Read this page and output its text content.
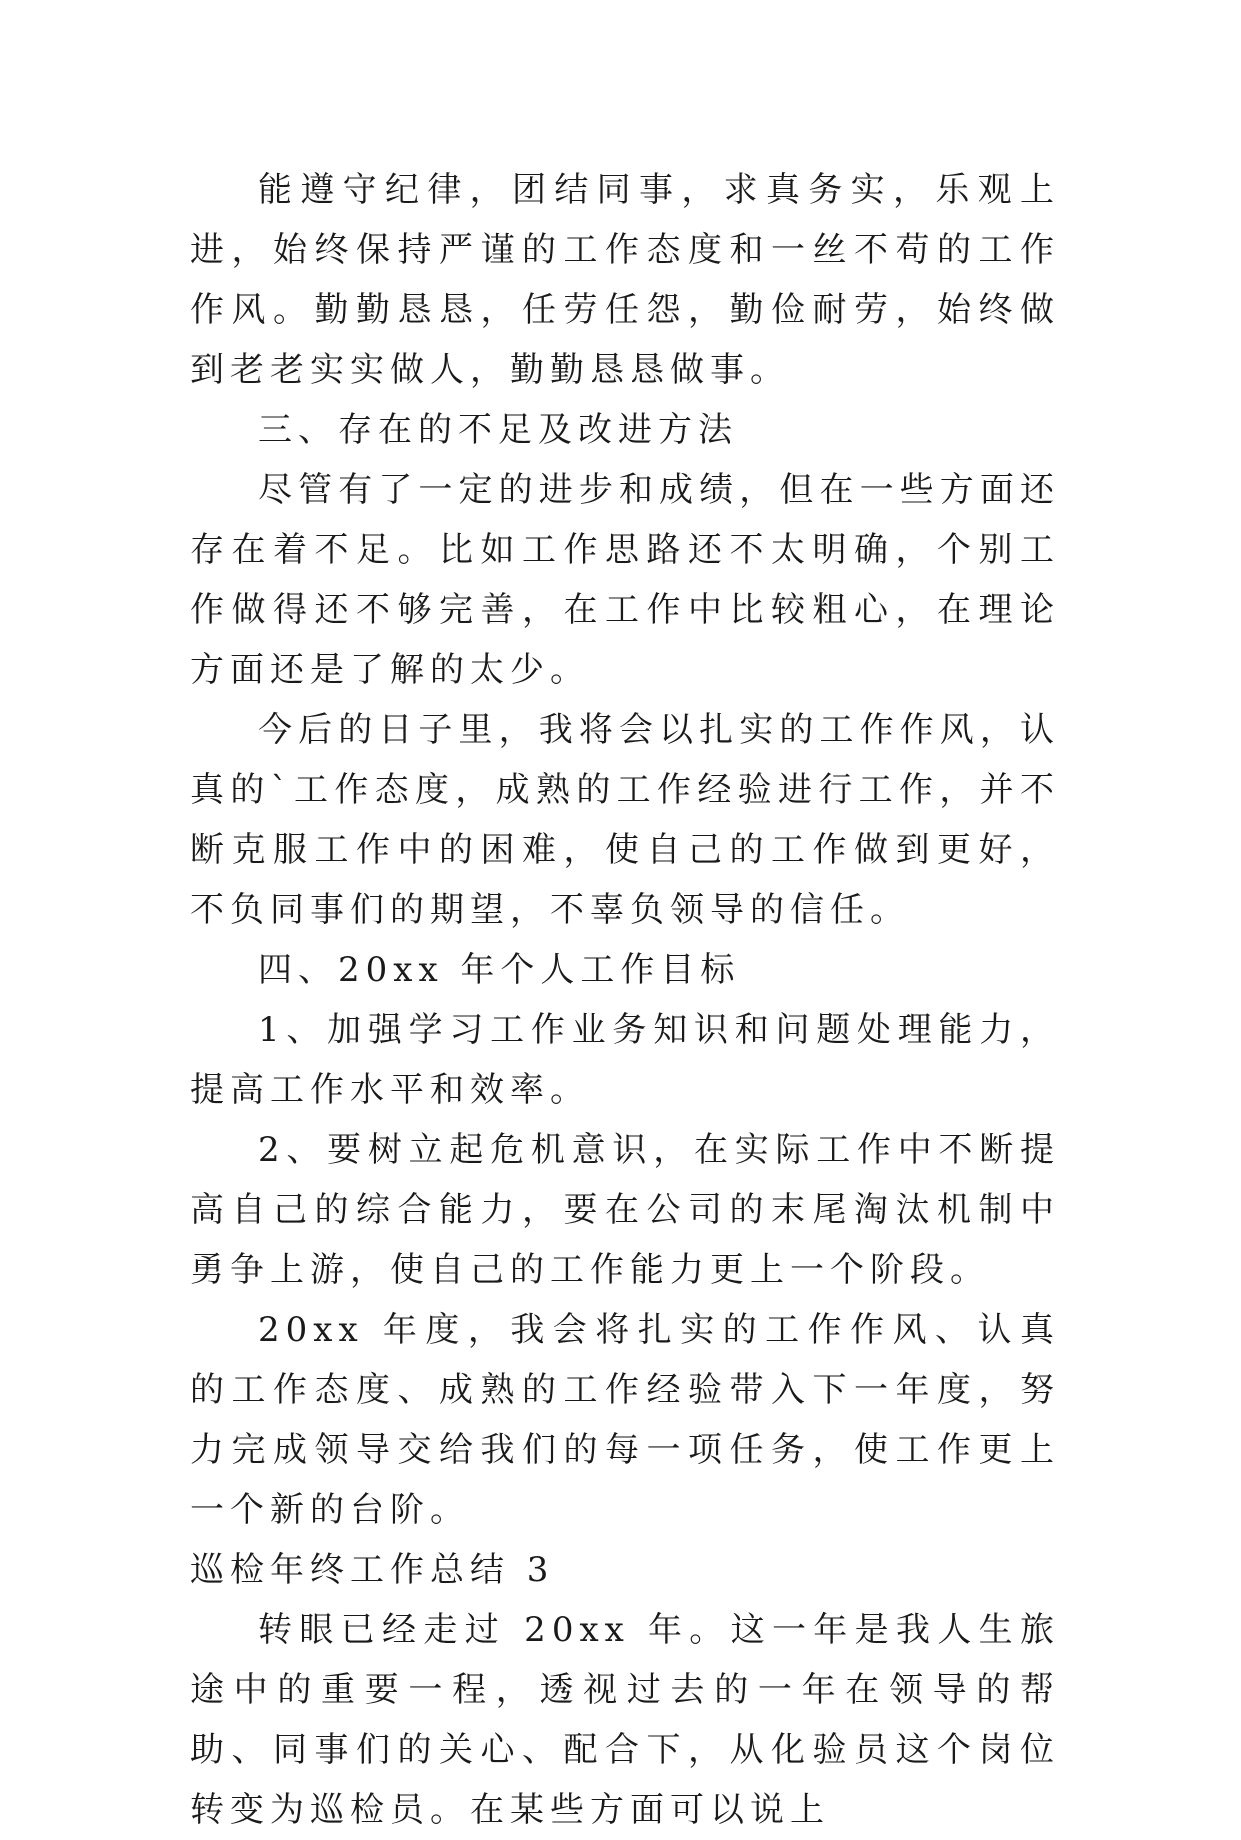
能遵守纪律，团结同事，求真务实，乐观上进，始终保持严谨的工作态度和一丝不苟的工作作风。勤勤恳恳，任劳任怨，勤俭耐劳，始终做到老老实实做人，勤勤恳恳做事。

三、存在的不足及改进方法

尽管有了一定的进步和成绩，但在一些方面还存在着不足。比如工作思路还不太明确，个别工作做得还不够完善，在工作中比较粗心，在理论方面还是了解的太少。

今后的日子里，我将会以扎实的工作作风，认真的`工作态度，成熟的工作经验进行工作，并不断克服工作中的困难，使自己的工作做到更好，不负同事们的期望，不辜负领导的信任。

四、20xx 年个人工作目标

1、加强学习工作业务知识和问题处理能力，提高工作水平和效率。

2、要树立起危机意识，在实际工作中不断提高自己的综合能力，要在公司的末尾淘汰机制中勇争上游，使自己的工作能力更上一个阶段。

20xx 年度，我会将扎实的工作作风、认真的工作态度、成熟的工作经验带入下一年度，努力完成领导交给我们的每一项任务，使工作更上一个新的台阶。

巡检年终工作总结 3

转眼已经走过 20xx 年。这一年是我人生旅途中的重要一程，透视过去的一年在领导的帮助、同事们的关心、配合下，从化验员这个岗位转变为巡检员。在某些方面可以说上
